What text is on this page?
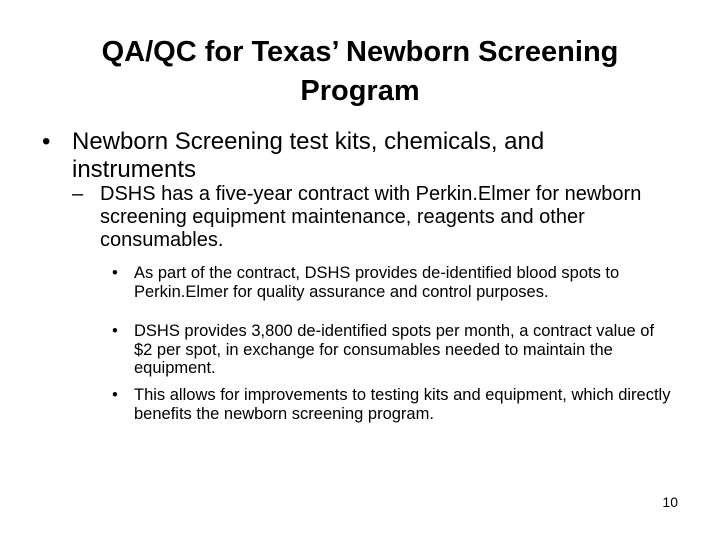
QA/QC for Texas’ Newborn Screening Program
• Newborn Screening test kits, chemicals, and instruments
– DSHS has a five-year contract with Perkin.Elmer for newborn screening equipment maintenance, reagents and other consumables.
• As part of the contract, DSHS provides de-identified blood spots to Perkin.Elmer for quality assurance and control purposes.
• DSHS provides 3,800 de-identified spots per month, a contract value of $2 per spot, in exchange for consumables needed to maintain the equipment.
• This allows for improvements to testing kits and equipment, which directly benefits the newborn screening program.
10
